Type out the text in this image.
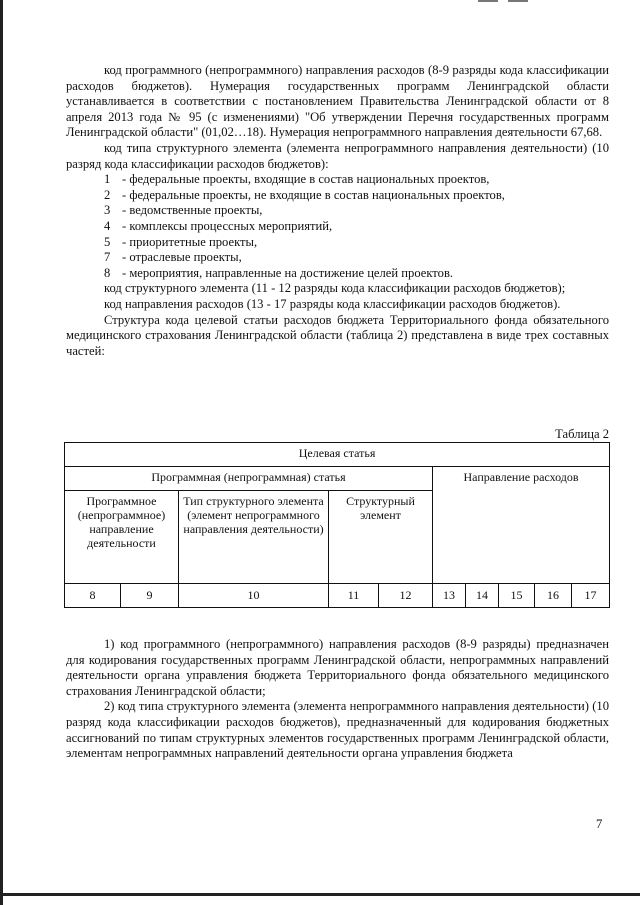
код программного (непрограммного) направления расходов (8-9 разряды кода классификации расходов бюджетов). Нумерация государственных программ Ленинградской области устанавливается в соответствии с постановлением Правительства Ленинградской области от 8 апреля 2013 года № 95 (с изменениями) "Об утверждении Перечня государственных программ Ленинградской области" (01,02…18). Нумерация непрограммного направления деятельности 67,68.

код типа структурного элемента (элемента непрограммного направления деятельности) (10 разряд кода классификации расходов бюджетов):

1 - федеральные проекты, входящие в состав национальных проектов,

2 - федеральные проекты, не входящие в состав национальных проектов,

3 - ведомственные проекты,

4 - комплексы процессных мероприятий,

5 - приоритетные проекты,

7 - отраслевые проекты,

8 - мероприятия, направленные на достижение целей проектов.

код структурного элемента (11 - 12 разряды кода классификации расходов бюджетов);

код направления расходов (13 - 17 разряды кода классификации расходов бюджетов).

Структура кода целевой статьи расходов бюджета Территориального фонда обязательного медицинского страхования Ленинградской области (таблица 2) представлена в виде трех составных частей:

Таблица 2
Целевая статья									
Программная (непрограммная) статья					Направление расходов				
Программное (непрограммное) направление деятельности		Тип структурного элемента (элемент непрограммного направления деятельности)	Структурный элемент						
8	9	10	11	12	13	14	15	16	17

1) код программного (непрограммного) направления расходов (8-9 разряды) предназначен для кодирования государственных программ Ленинградской области, непрограммных направлений деятельности органа управления бюджета Территориального фонда обязательного медицинского страхования Ленинградской области;

2) код типа структурного элемента (элемента непрограммного направления деятельности) (10 разряд кода классификации расходов бюджетов), предназначенный для кодирования бюджетных ассигнований по типам структурных элементов государственных программ Ленинградской области, элементам непрограммных направлений деятельности органа управления бюджета

7
